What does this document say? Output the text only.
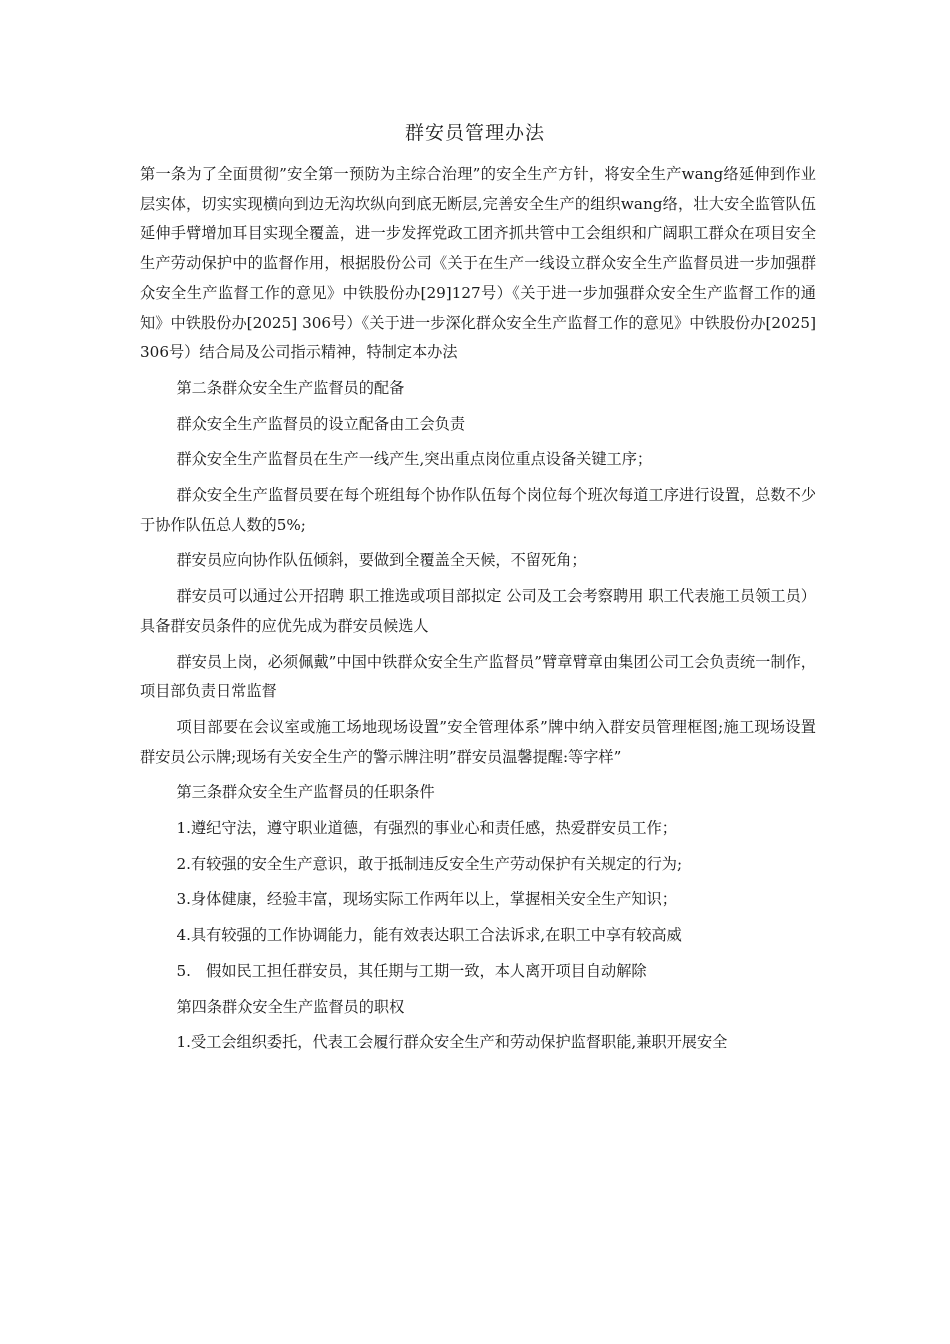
群安员管理办法

第一条为了全面贯彻”安全第一预防为主综合治理”的安全生产方针，将安全生产wang络延伸到作业层实体，切实实现横向到边无沟坎纵向到底无断层,完善安全生产的组织wang络，壮大安全监管队伍延伸手臂增加耳目实现全覆盖，进一步发挥党政工团齐抓共管中工会组织和广阔职工群众在项目安全生产劳动保护中的监督作用，根据股份公司《关于在生产一线设立群众安全生产监督员进一步加强群众安全生产监督工作的意见》中铁股份办[29]127号）《关于进一步加强群众安全生产监督工作的通知》中铁股份办[2025] 306号）《关于进一步深化群众安全生产监督工作的意见》中铁股份办[2025] 306号）结合局及公司指示精神，特制定本办法

第二条群众安全生产监督员的配备

群众安全生产监督员的设立配备由工会负责

群众安全生产监督员在生产一线产生,突出重点岗位重点设备关键工序；

群众安全生产监督员要在每个班组每个协作队伍每个岗位每个班次每道工序进行设置，总数不少于协作队伍总人数的5%;

群安员应向协作队伍倾斜，要做到全覆盖全天候，不留死角；

群安员可以通过公开招聘 职工推选或项目部拟定 公司及工会考察聘用 职工代表施工员领工员）具备群安员条件的应优先成为群安员候选人

群安员上岗，必须佩戴”中国中铁群众安全生产监督员”臂章臂章由集团公司工会负责统一制作，项目部负责日常监督

项目部要在会议室或施工场地现场设置”安全管理体系”牌中纳入群安员管理框图;施工现场设置群安员公示牌;现场有关安全生产的警示牌注明”群安员温馨提醒:等字样”

第三条群众安全生产监督员的任职条件

1.遵纪守法，遵守职业道德，有强烈的事业心和责任感，热爱群安员工作；

2.有较强的安全生产意识，敢于抵制违反安全生产劳动保护有关规定的行为;

3.身体健康，经验丰富，现场实际工作两年以上，掌握相关安全生产知识；

4.具有较强的工作协调能力，能有效表达职工合法诉求,在职工中享有较高威

5.　假如民工担任群安员，其任期与工期一致，本人离开项目自动解除

第四条群众安全生产监督员的职权

1.受工会组织委托，代表工会履行群众安全生产和劳动保护监督职能,兼职开展安全
